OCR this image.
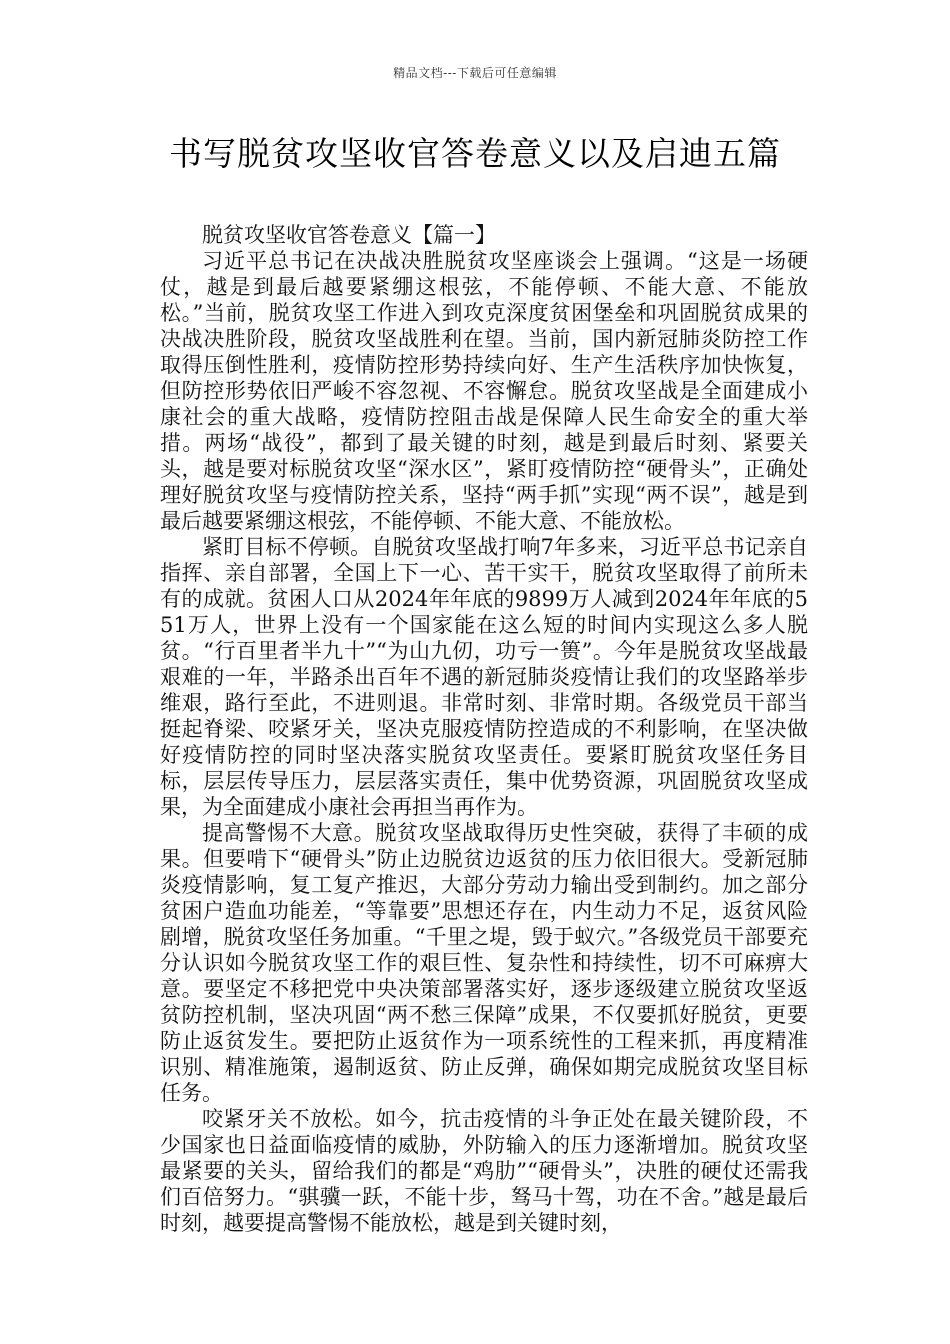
精品文档---下载后可任意编辑
书写脱贫攻坚收官答卷意义以及启迪五篇

脱贫攻坚收官答卷意义【篇一】

习近平总书记在决战决胜脱贫攻坚座谈会上强调。“这是一场硬仗，越是到最后越要紧绷这根弦，不能停顿、不能大意、不能放松。”当前，脱贫攻坚工作进入到攻克深度贫困堡垒和巩固脱贫成果的决战决胜阶段，脱贫攻坚战胜利在望。当前，国内新冠肺炎防控工作取得压倒性胜利，疫情防控形势持续向好、生产生活秩序加快恢复，但防控形势依旧严峻不容忽视、不容懈怠。脱贫攻坚战是全面建成小康社会的重大战略，疫情防控阻击战是保障人民生命安全的重大举措。两场“战役”，都到了最关键的时刻，越是到最后时刻、紧要关头，越是要对标脱贫攻坚“深水区”，紧盯疫情防控“硬骨头”，正确处理好脱贫攻坚与疫情防控关系，坚持“两手抓”实现“两不误”，越是到最后越要紧绷这根弦，不能停顿、不能大意、不能放松。

紧盯目标不停顿。自脱贫攻坚战打响7年多来，习近平总书记亲自指挥、亲自部署，全国上下一心、苦干实干，脱贫攻坚取得了前所未有的成就。贫困人口从2024年年底的9899万人减到2024年年底的551万人，世界上没有一个国家能在这么短的时间内实现这么多人脱贫。“行百里者半九十”“为山九仞，功亏一篑”。今年是脱贫攻坚战最艰难的一年，半路杀出百年不遇的新冠肺炎疫情让我们的攻坚路举步维艰，路行至此，不进则退。非常时刻、非常时期。各级党员干部当挺起脊梁、咬紧牙关，坚决克服疫情防控造成的不利影响，在坚决做好疫情防控的同时坚决落实脱贫攻坚责任。要紧盯脱贫攻坚任务目标，层层传导压力，层层落实责任，集中优势资源，巩固脱贫攻坚成果，为全面建成小康社会再担当再作为。

提高警惕不大意。脱贫攻坚战取得历史性突破，获得了丰硕的成果。但要啃下“硬骨头”防止边脱贫边返贫的压力依旧很大。受新冠肺炎疫情影响，复工复产推迟，大部分劳动力输出受到制约。加之部分贫困户造血功能差，“等靠要”思想还存在，内生动力不足，返贫风险剧增，脱贫攻坚任务加重。“千里之堤，毁于蚁穴。”各级党员干部要充分认识如今脱贫攻坚工作的艰巨性、复杂性和持续性，切不可麻痹大意。要坚定不移把党中央决策部署落实好，逐步逐级建立脱贫攻坚返贫防控机制，坚决巩固“两不愁三保障”成果，不仅要抓好脱贫，更要防止返贫发生。要把防止返贫作为一项系统性的工程来抓，再度精准识别、精准施策，遏制返贫、防止反弹，确保如期完成脱贫攻坚目标任务。

咬紧牙关不放松。如今，抗击疫情的斗争正处在最关键阶段，不少国家也日益面临疫情的威胁，外防输入的压力逐渐增加。脱贫攻坚最紧要的关头，留给我们的都是“鸡肋”“硬骨头”，决胜的硬仗还需我们百倍努力。“骐骥一跃，不能十步，驽马十驾，功在不舍。”越是最后时刻，越要提高警惕不能放松，越是到关键时刻，
